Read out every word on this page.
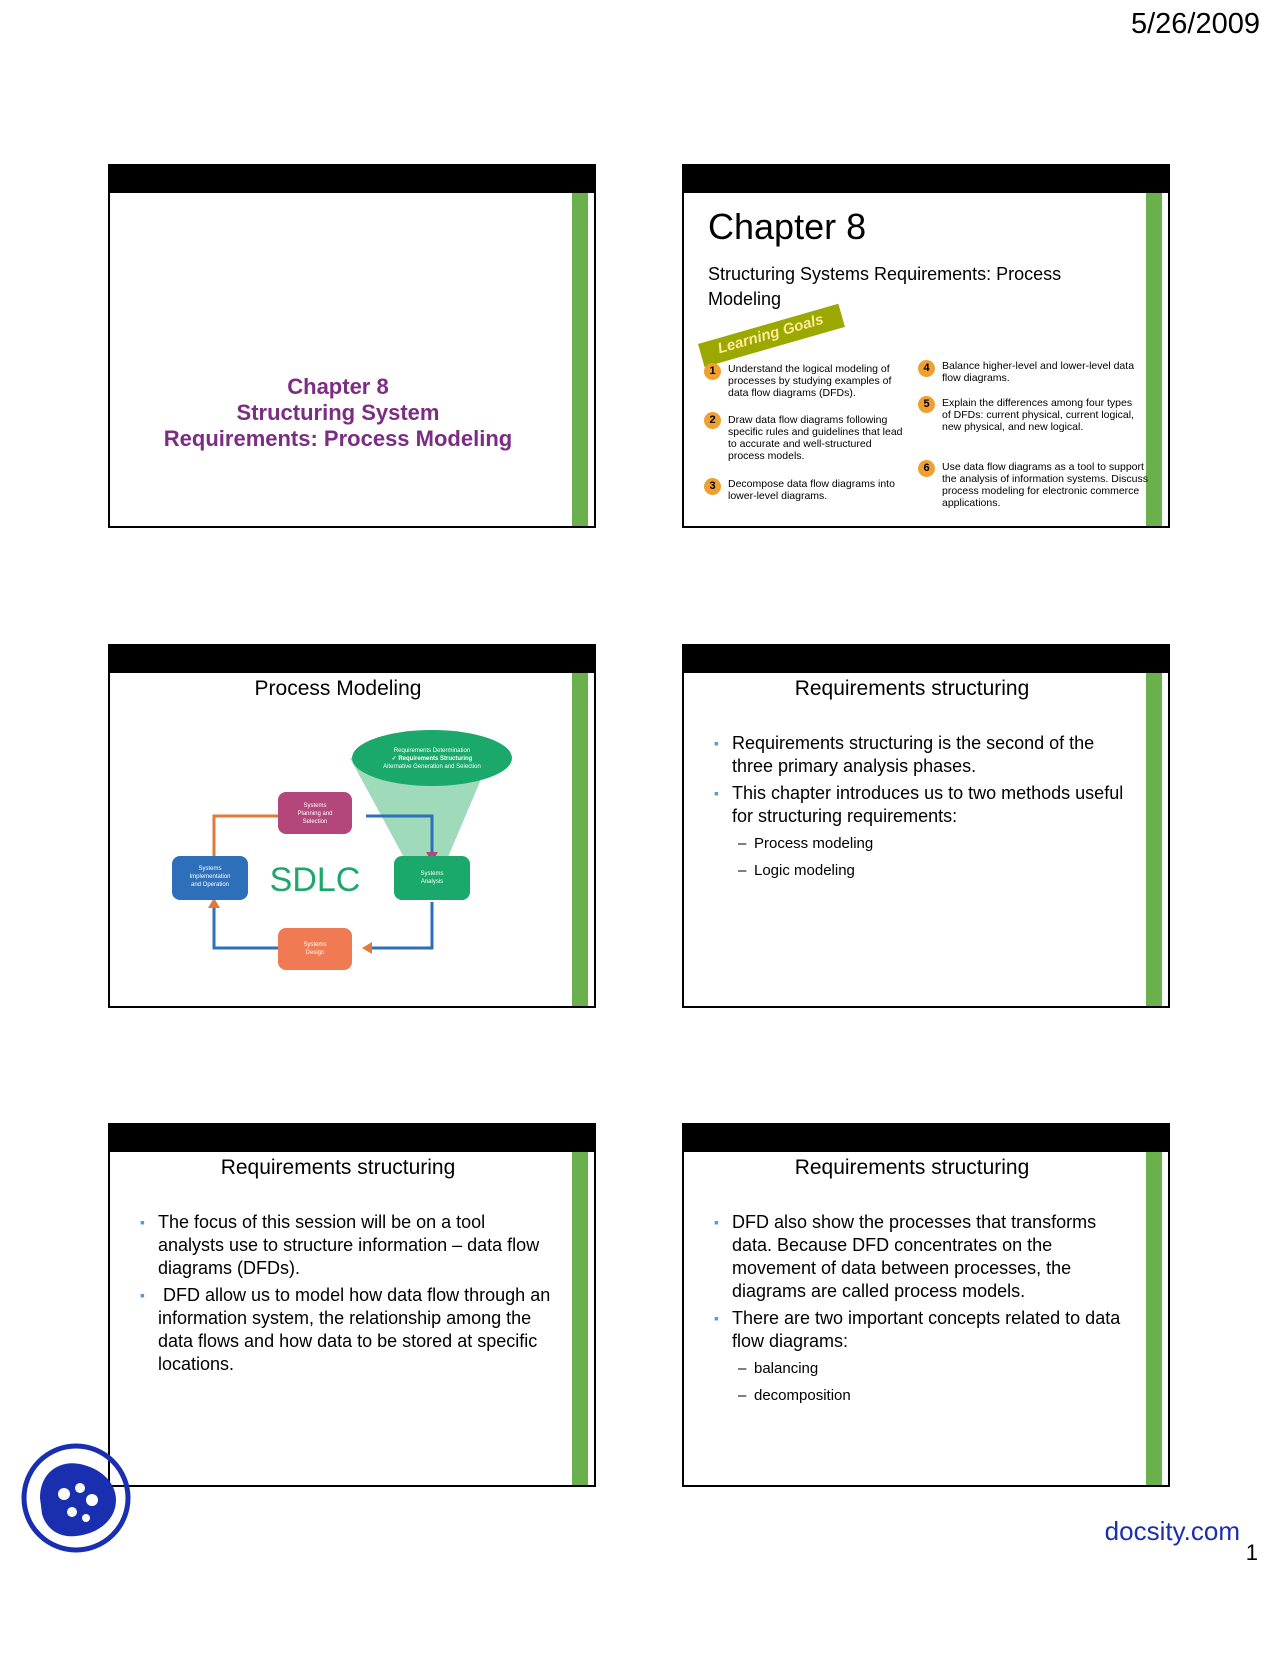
5/26/2009
Chapter 8
Structuring System
Requirements: Process Modeling
Chapter 8
Structuring Systems Requirements: Process
Modeling
Learning Goals
1	Understand the logical modeling of processes by studying examples of data flow diagrams (DFDs).
2	Draw data flow diagrams following specific rules and guidelines that lead to accurate and well-structured process models.
3	Decompose data flow diagrams into lower-level diagrams.
4	Balance higher-level and lower-level data flow diagrams.
5	Explain the differences among four types of DFDs: current physical, current logical, new physical, and new logical.
6	Use data flow diagrams as a tool to support the analysis of information systems. Discuss process modeling for electronic commerce applications.
Process Modeling
Requirements Determination
✓ Requirements Structuring
Alternative Generation and Selection
Systems
Planning and
Selection
Systems
Analysis
Systems
Design
Systems
Implementation
and Operation SDLC
Requirements structuring
▪ Requirements structuring is the second of the three primary analysis phases.
▪ This chapter introduces us to two methods useful for structuring requirements:
– Process modeling
– Logic modeling
Requirements structuring
▪ The focus of this session will be on a tool analysts use to structure information – data flow diagrams (DFDs).
▪  DFD allow us to model how data flow through an information system, the relationship among the data flows and how data to be stored at specific locations.
Requirements structuring
▪ DFD also show the processes that transforms data. Because DFD concentrates on the movement of data between processes, the diagrams are called process models.
▪ There are two important concepts related to data flow diagrams:
– balancing
– decomposition
docsity.com
1
